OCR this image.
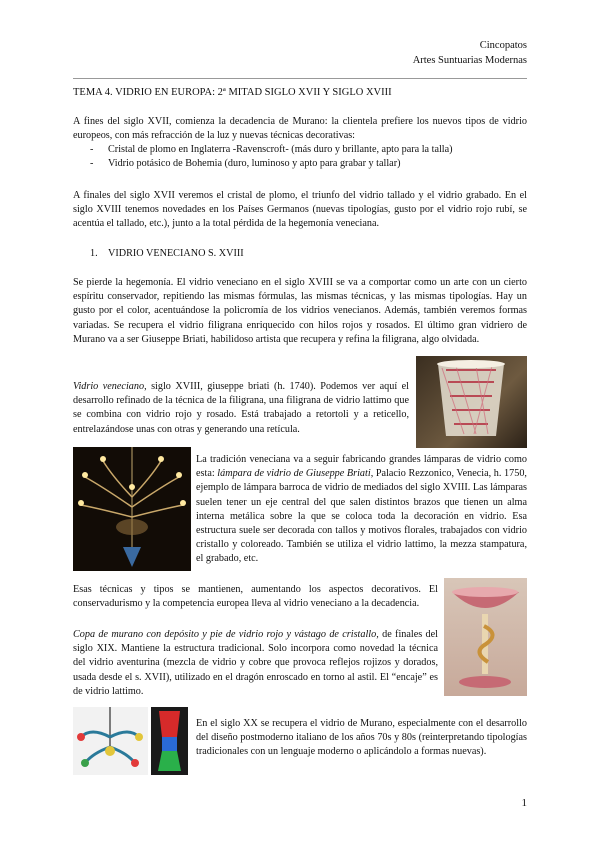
Cincopatos
Artes Suntuarias Modernas
TEMA 4. VIDRIO EN EUROPA: 2ª MITAD SIGLO XVII Y SIGLO XVIII
A fines del siglo XVII, comienza la decadencia de Murano: la clientela prefiere los nuevos tipos de vidrio europeos, con más refracción de la luz y nuevas técnicas decorativas:
- Cristal de plomo en Inglaterra -Ravenscroft- (más duro y brillante, apto para la talla)
- Vidrio potásico de Bohemia (duro, luminoso y apto para grabar y tallar)
A finales del siglo XVII veremos el cristal de plomo, el triunfo del vidrio tallado y el vidrio grabado. En el siglo XVIII tenemos novedades en los Países Germanos (nuevas tipologías, gusto por el vidrio rojo rubí, se acentúa el tallado, etc.), junto a la total pérdida de la hegemonía veneciana.
1. VIDRIO VENECIANO S. XVIII
Se pierde la hegemonía. El vidrio veneciano en el siglo XVIII se va a comportar como un arte con un cierto espíritu conservador, repitiendo las mismas fórmulas, las mismas técnicas, y las mismas tipologías. Hay un gusto por el color, acentuándose la policromía de los vidrios venecianos. Además, también veremos formas variadas. Se recupera el vidrio filigrana enriquecido con hilos rojos y rosados. El último gran vidriero de Murano va a ser Giuseppe Briati, habilidoso artista que recupera y refina la filigrana, algo olvidada.
Vidrio veneciano, siglo XVIII, giuseppe briati (h. 1740). Podemos ver aquí el desarrollo refinado de la técnica de la filigrana, una filigrana de vidrio lattimo que se combina con vidrio rojo y rosado. Está trabajado a retortoli y a reticello, entrelazándose unas con otras y generando una retícula.
La tradición veneciana va a seguir fabricando grandes lámparas de vidrio como esta: lámpara de vidrio de Giuseppe Briati, Palacio Rezzonico, Venecia, h. 1750, ejemplo de lámpara barroca de vidrio de mediados del siglo XVIII. Las lámparas suelen tener un eje central del que salen distintos brazos que tienen un alma interna metálica sobre la que se coloca toda la decoración en vidrio. Esa estructura suele ser decorada con tallos y motivos florales, trabajados con vidrio cristallo y coloreado. También se utiliza el vidrio lattimo, la mezza stampatura, el grabado, etc.
Esas técnicas y tipos se mantienen, aumentando los aspectos decorativos. El conservadurismo y la competencia europea lleva al vidrio veneciano a la decadencia.
Copa de murano con depósito y pie de vidrio rojo y vástago de cristallo, de finales del siglo XIX. Mantiene la estructura tradicional. Solo incorpora como novedad la técnica del vidrio aventurina (mezcla de vidrio y cobre que provoca reflejos rojizos y dorados, usada desde el s. XVII), utilizado en el dragón enroscado en torno al astil. El “encaje” es de vidrio lattimo.
En el siglo XX se recupera el vidrio de Murano, especialmente con el desarrollo del diseño postmoderno italiano de los años 70s y 80s (reinterpretando tipologías tradicionales con un lenguaje moderno o aplicándolo a formas nuevas).
1
